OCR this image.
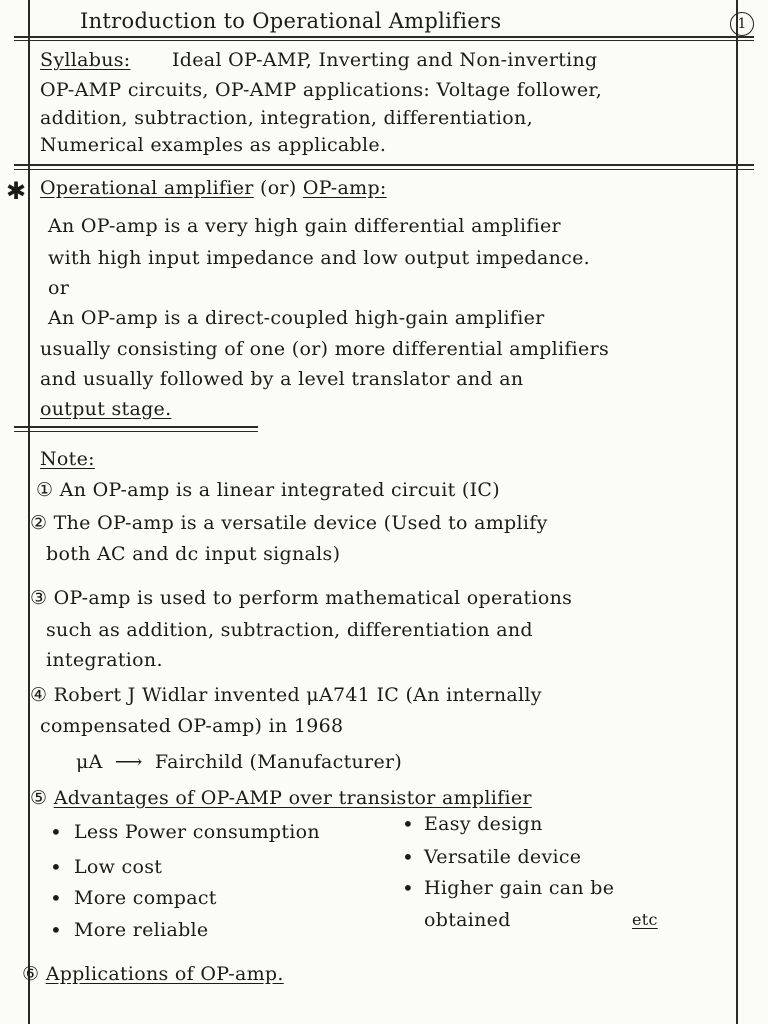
Introduction to Operational Amplifiers	1
Syllabus: Ideal OP-AMP, Inverting and Non-inverting
OP-AMP circuits, OP-AMP applications: Voltage follower,
addition, subtraction, integration, differentiation,
Numerical examples as applicable.
✱ Operational amplifier (or) OP-amp:
An OP-amp is a very high gain differential amplifier
with high input impedance and low output impedance.
or
An OP-amp is a direct-coupled high-gain amplifier
usually consisting of one (or) more differential amplifiers
and usually followed by a level translator and an
output stage.
Note:
① An OP-amp is a linear integrated circuit (IC)
② The OP-amp is a versatile device (Used to amplify
both AC and dc input signals)
③ OP-amp is used to perform mathematical operations
such as addition, subtraction, differentiation and
integration.
④ Robert J Widlar invented μA741 IC (An internally
compensated OP-amp) in 1968
μA ⟶ Fairchild (Manufacturer)
⑤ Advantages of OP-AMP over transistor amplifier
• Less Power consumption
• Low cost
• More compact
• More reliable
• Easy design
• Versatile device
• Higher gain can be
obtained	etc
⑥ Applications of OP-amp.
